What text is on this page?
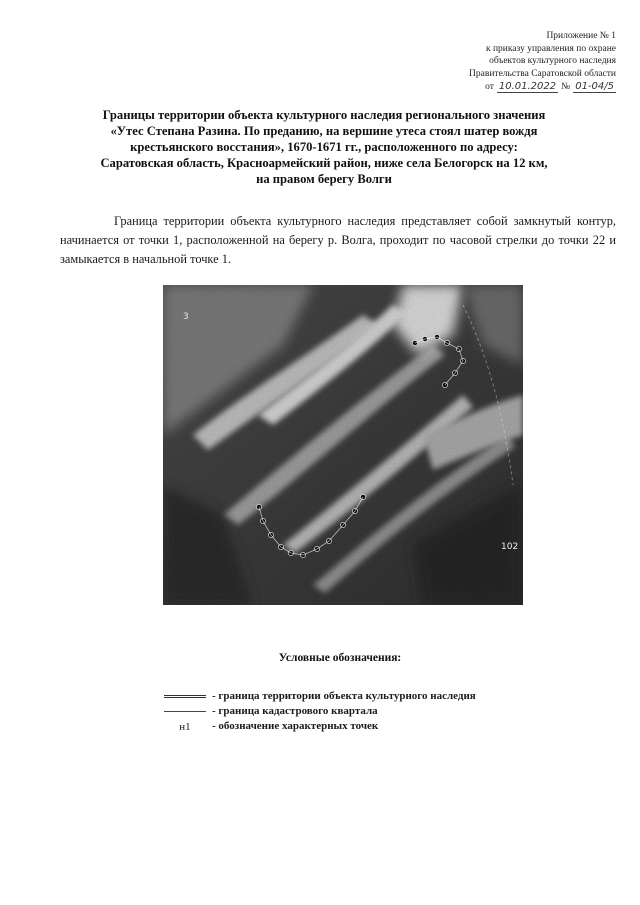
Приложение № 1
к приказу управления по охране
объектов культурного наследия
Правительства Саратовской области
от 10.01.2022 № 01-04/5
Границы территории объекта культурного наследия регионального значения «Утес Степана Разина. По преданию, на вершине утеса стоял шатер вождя крестьянского восстания», 1670-1671 гг., расположенного по адресу: Саратовская область, Красноармейский район, ниже села Белогорск на 12 км, на правом берегу Волги
Граница территории объекта культурного наследия представляет собой замкнутый контур, начинается от точки 1, расположенной на берегу р. Волга, проходит по часовой стрелки до точки 22 и замыкается в начальной точке 1.
3
102
Условные обозначения:
- граница территории объекта культурного наследия
- граница кадастрового квартала
н1	- обозначение характерных точек
